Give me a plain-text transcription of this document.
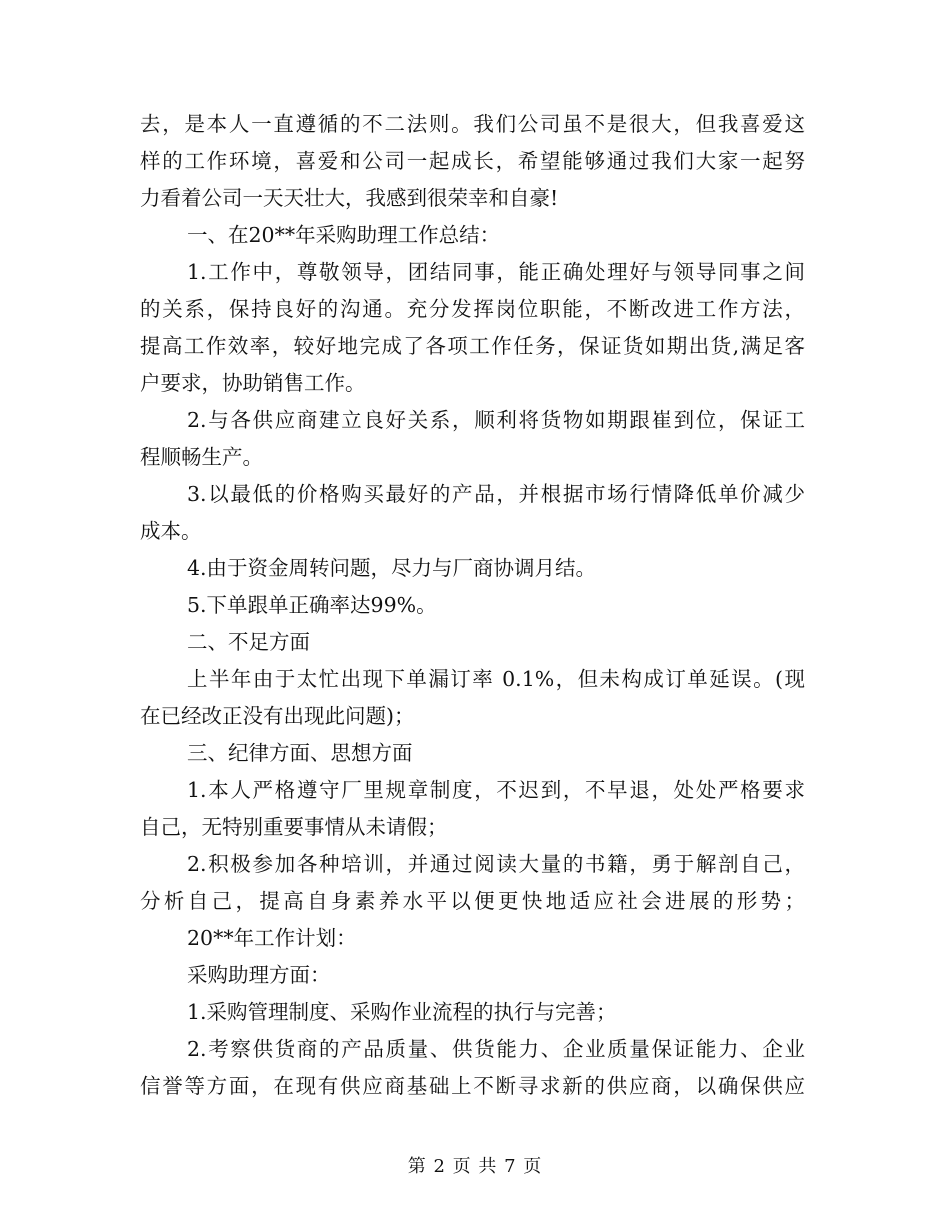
去，是本人一直遵循的不二法则。我们公司虽不是很大，但我喜爱这
样的工作环境，喜爱和公司一起成长，希望能够通过我们大家一起努
力看着公司一天天壮大，我感到很荣幸和自豪!
一、在20**年采购助理工作总结：
1.工作中，尊敬领导，团结同事，能正确处理好与领导同事之间
的关系，保持良好的沟通。充分发挥岗位职能，不断改进工作方法，
提高工作效率，较好地完成了各项工作任务，保证货如期出货,满足客
户要求，协助销售工作。
2.与各供应商建立良好关系，顺利将货物如期跟崔到位，保证工
程顺畅生产。
3.以最低的价格购买最好的产品，并根据市场行情降低单价减少
成本。
4.由于资金周转问题，尽力与厂商协调月结。
5.下单跟单正确率达99%。
二、不足方面
上半年由于太忙出现下单漏订率 0.1%，但未构成订单延误。(现
在已经改正没有出现此问题)；
三、纪律方面、思想方面
1.本人严格遵守厂里规章制度，不迟到，不早退，处处严格要求
自己，无特别重要事情从未请假；
2.积极参加各种培训，并通过阅读大量的书籍，勇于解剖自己，
分析自己，提高自身素养水平以便更快地适应社会进展的形势；
20**年工作计划：
采购助理方面：
1.采购管理制度、采购作业流程的执行与完善；
2.考察供货商的产品质量、供货能力、企业质量保证能力、企业
信誉等方面，在现有供应商基础上不断寻求新的供应商，以确保供应
第 2 页 共 7 页
